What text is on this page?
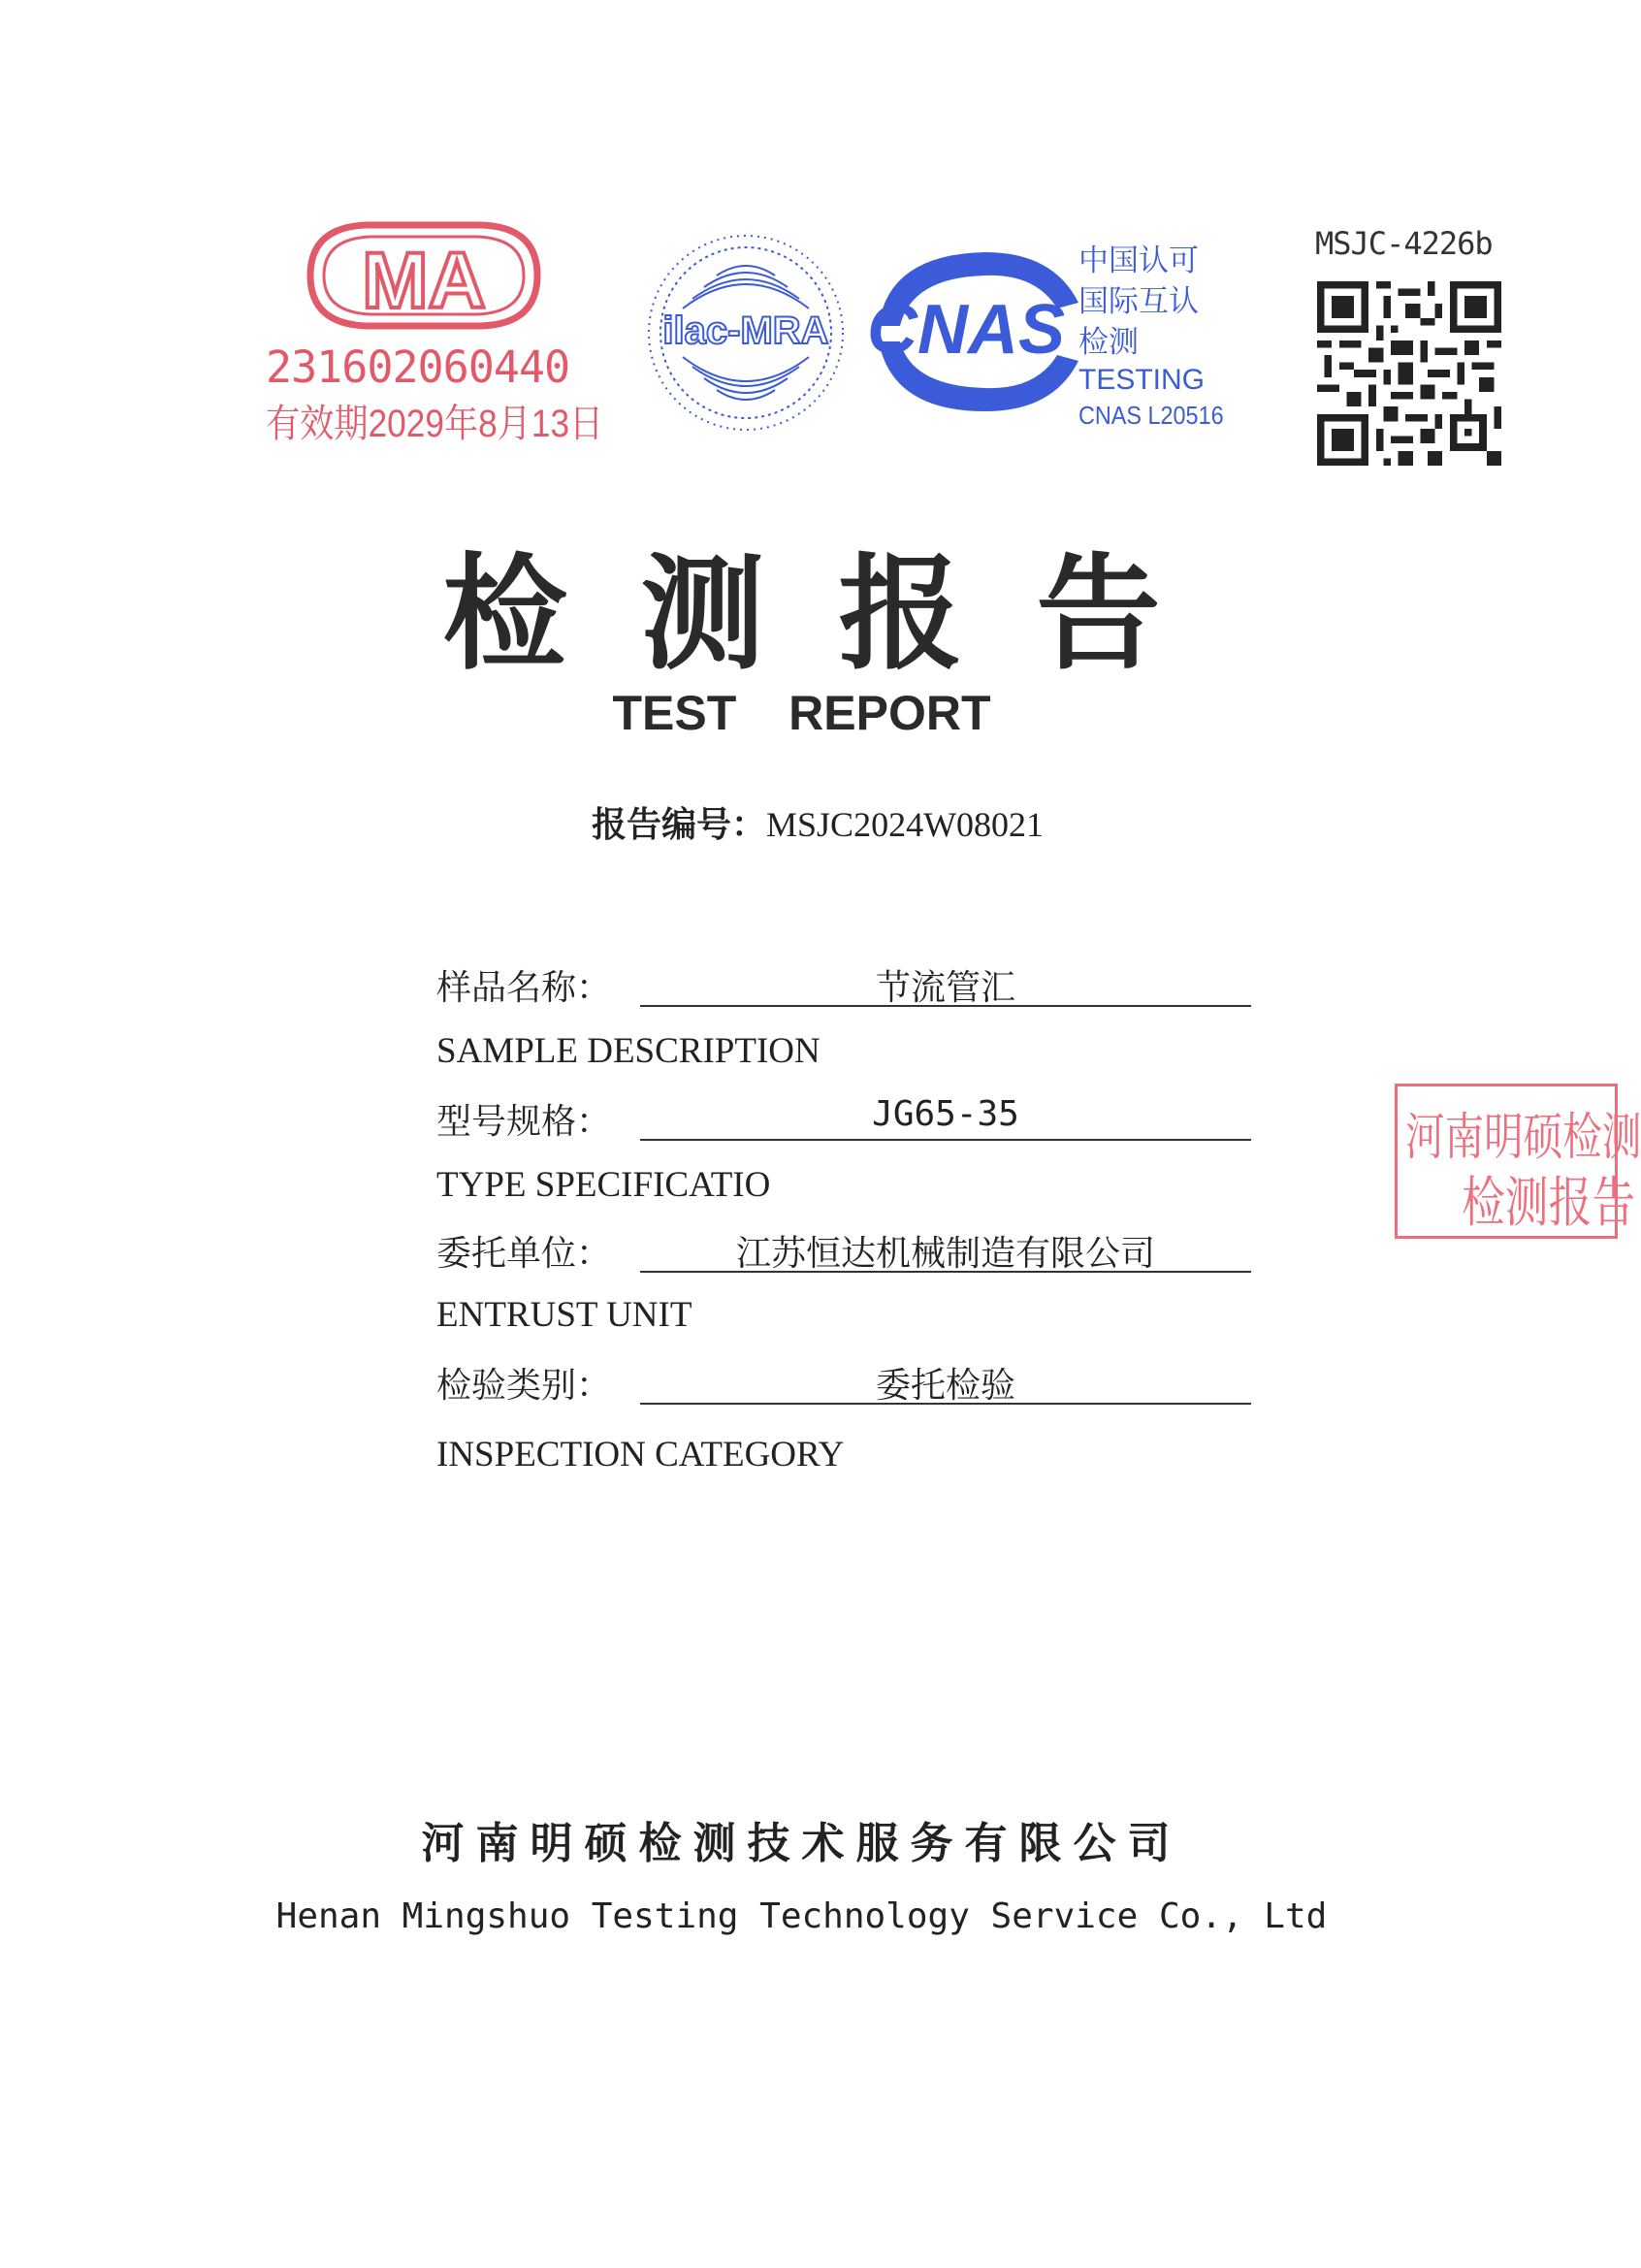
MA
231602060440
有效期2029年8月13日
ilac-MRA CNAS
中国认可
国际互认
检测
TESTING
CNAS L20516
MSJC-4226b
检测报告
TEST REPORT
报告编号：MSJC2024W08021
样品名称：	节流管汇
SAMPLE DESCRIPTION
型号规格：	JG65-35
TYPE SPECIFICATIO
委托单位：	江苏恒达机械制造有限公司
ENTRUST UNIT
检验类别：	委托检验
INSPECTION CATEGORY
河南明硕检测
检测报告
河南明硕检测技术服务有限公司
Henan Mingshuo Testing Technology Service Co., Ltd
